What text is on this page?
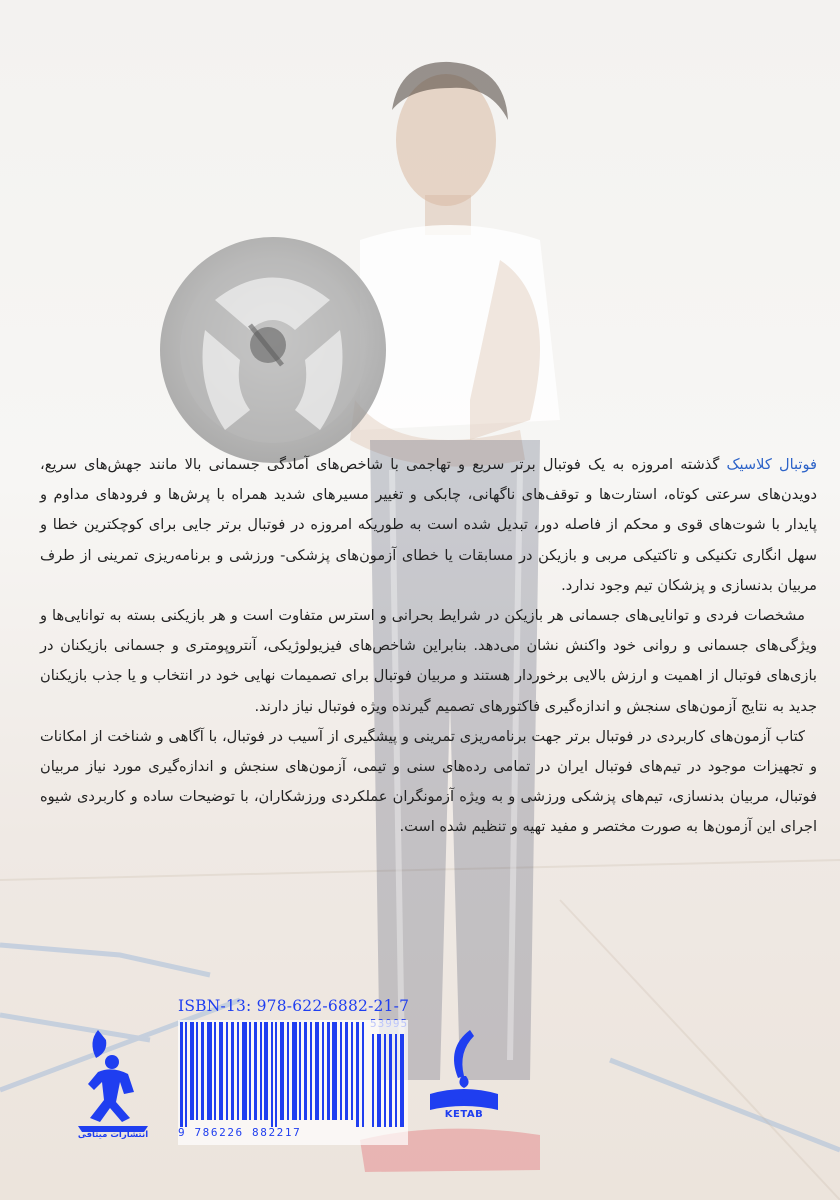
فوتبال کلاسیک گذشته امروزه به یک فوتبال برتر سریع و تهاجمی با شاخص‌های آمادگی جسمانی بالا مانند جهش‌های سریع، دویدن‌های سرعتی کوتاه، استارت‌ها و توقف‌های ناگهانی، چابکی و تغییر مسیرهای شدید همراه با پرش‌ها و فرودهای مداوم و پایدار با شوت‌های قوی و محکم از فاصله دور، تبدیل شده است به طوریکه امروزه در فوتبال برتر جایی برای کوچکترین خطا و سهل انگاری تکنیکی و تاکتیکی مربی و بازیکن در مسابقات یا خطای آزمون‌های پزشکی- ورزشی و برنامه‌ریزی تمرینی از طرف مربیان بدنسازی و پزشکان تیم وجود ندارد.

مشخصات فردی و توانایی‌های جسمانی هر بازیکن در شرایط بحرانی و استرس متفاوت است و هر بازیکنی بسته به توانایی‌ها و ویژگی‌های جسمانی و روانی خود واکنش نشان می‌دهد. بنابراین شاخص‌های فیزیولوژیکی، آنتروپومتری و جسمانی بازیکنان در بازی‌های فوتبال از اهمیت و ارزش بالایی برخوردار هستند و مربیان فوتبال برای تصمیمات نهایی خود در انتخاب و یا جذب بازیکنان جدید به نتایج آزمون‌های سنجش و اندازه‌گیری فاکتورهای تصمیم گیرنده ویژه فوتبال نیاز دارند.

کتاب آزمون‌های کاربردی در فوتبال برتر جهت برنامه‌ریزی تمرینی و پیشگیری از آسیب در فوتبال، با آگاهی و شناخت از امکانات و تجهیزات موجود در تیم‌های فوتبال ایران در تمامی رده‌های سنی و تیمی، آزمون‌های سنجش و اندازه‌گیری مورد نیاز مربیان فوتبال، مربیان بدنسازی، تیم‌های پزشکی ورزشی و به ویژه آزمونگران عملکردی ورزشکاران، با توضیحات ساده و کاربردی شیوه اجرای این آزمون‌ها به صورت مختصر و مفید تهیه و تنظیم شده است.

انتشارات میثاقی
ISBN-13: 978-622-6882-21-7
9 786226 882217
POOYA KETAB
